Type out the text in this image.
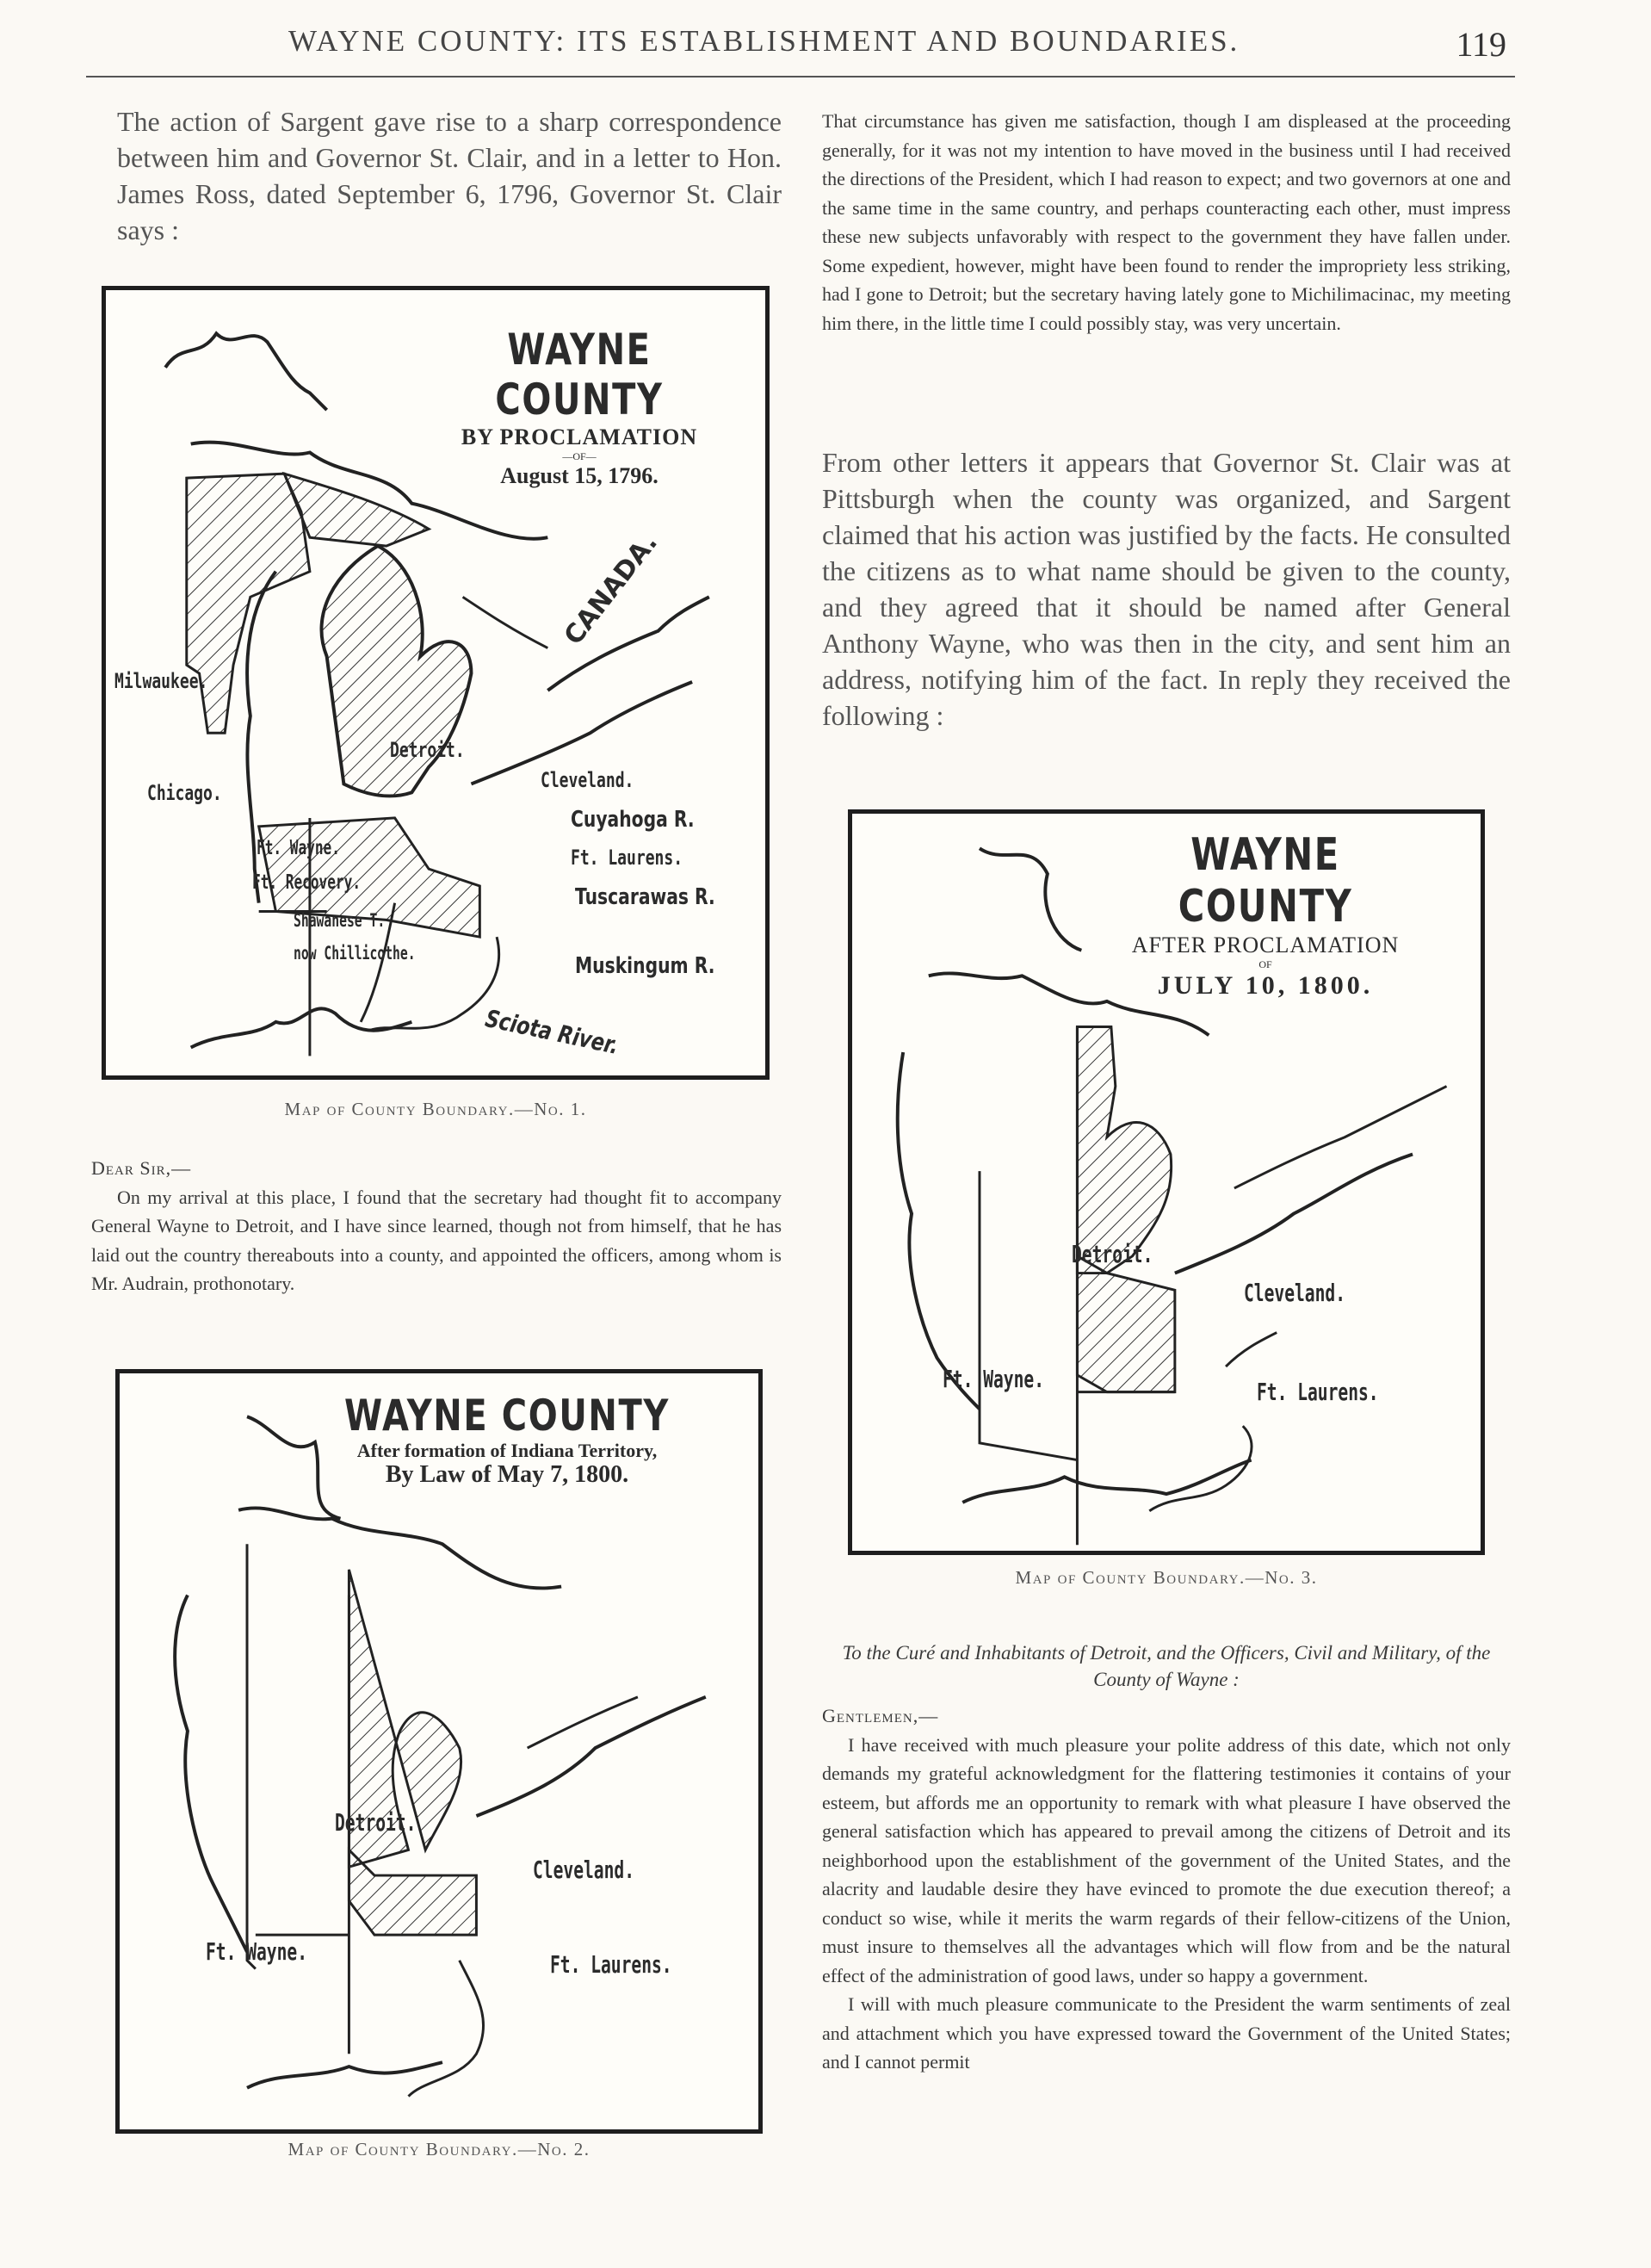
WAYNE COUNTY: ITS ESTABLISHMENT AND BOUNDARIES.	119

The action of Sargent gave rise to a sharp correspondence between him and Governor St. Clair, and in a letter to Hon. James Ross, dated September 6, 1796, Governor St. Clair says :

WAYNE COUNTY
BY PROCLAMATION
—OF—
August 15, 1796.
CANADA.
Milwaukee.
Chicago.
Detroit.
Cleveland.
Cuyahoga R.
Ft. Laurens.
Tuscarawas R.
Muskingum R.
Sciota River.
Ft. Wayne.
Ft. Recovery.
Shawanese T.
now Chillicothe.
Map of County Boundary.—No. 1.

Dear Sir,—

On my arrival at this place, I found that the secretary had thought fit to accompany General Wayne to Detroit, and I have since learned, though not from himself, that he has laid out the country thereabouts into a county, and appointed the officers, among whom is Mr. Audrain, prothonotary.

WAYNE COUNTY
After formation of Indiana Territory,
By Law of May 7, 1800.
Detroit.
Cleveland.
Ft. Wayne.	Ft. Laurens.
Map of County Boundary.—No. 2.

That circumstance has given me satisfaction, though I am displeased at the proceeding generally, for it was not my intention to have moved in the business until I had received the directions of the President, which I had reason to expect; and two governors at one and the same time in the same country, and perhaps counteracting each other, must impress these new subjects unfavorably with respect to the government they have fallen under. Some expedient, however, might have been found to render the impropriety less striking, had I gone to Detroit; but the secretary having lately gone to Michilimacinac, my meeting him there, in the little time I could possibly stay, was very uncertain.

From other letters it appears that Governor St. Clair was at Pittsburgh when the county was organized, and Sargent claimed that his action was justified by the facts. He consulted the citizens as to what name should be given to the county, and they agreed that it should be named after General Anthony Wayne, who was then in the city, and sent him an address, notifying him of the fact. In reply they received the following :

WAYNE COUNTY
AFTER PROCLAMATION
OF
JULY 10, 1800.
Detroit.
Cleveland.
Ft. Wayne.	Ft. Laurens.
Map of County Boundary.—No. 3.

To the Curé and Inhabitants of Detroit, and the Officers, Civil and Military, of the County of Wayne :

Gentlemen,—

I have received with much pleasure your polite address of this date, which not only demands my grateful acknowledgment for the flattering testimonies it contains of your esteem, but affords me an opportunity to remark with what pleasure I have observed the general satisfaction which has appeared to prevail among the citizens of Detroit and its neighborhood upon the establishment of the government of the United States, and the alacrity and laudable desire they have evinced to promote the due execution thereof; a conduct so wise, while it merits the warm regards of their fellow-citizens of the Union, must insure to themselves all the advantages which will flow from and be the natural effect of the administration of good laws, under so happy a government.

I will with much pleasure communicate to the President the warm sentiments of zeal and attachment which you have expressed toward the Government of the United States; and I cannot permit
